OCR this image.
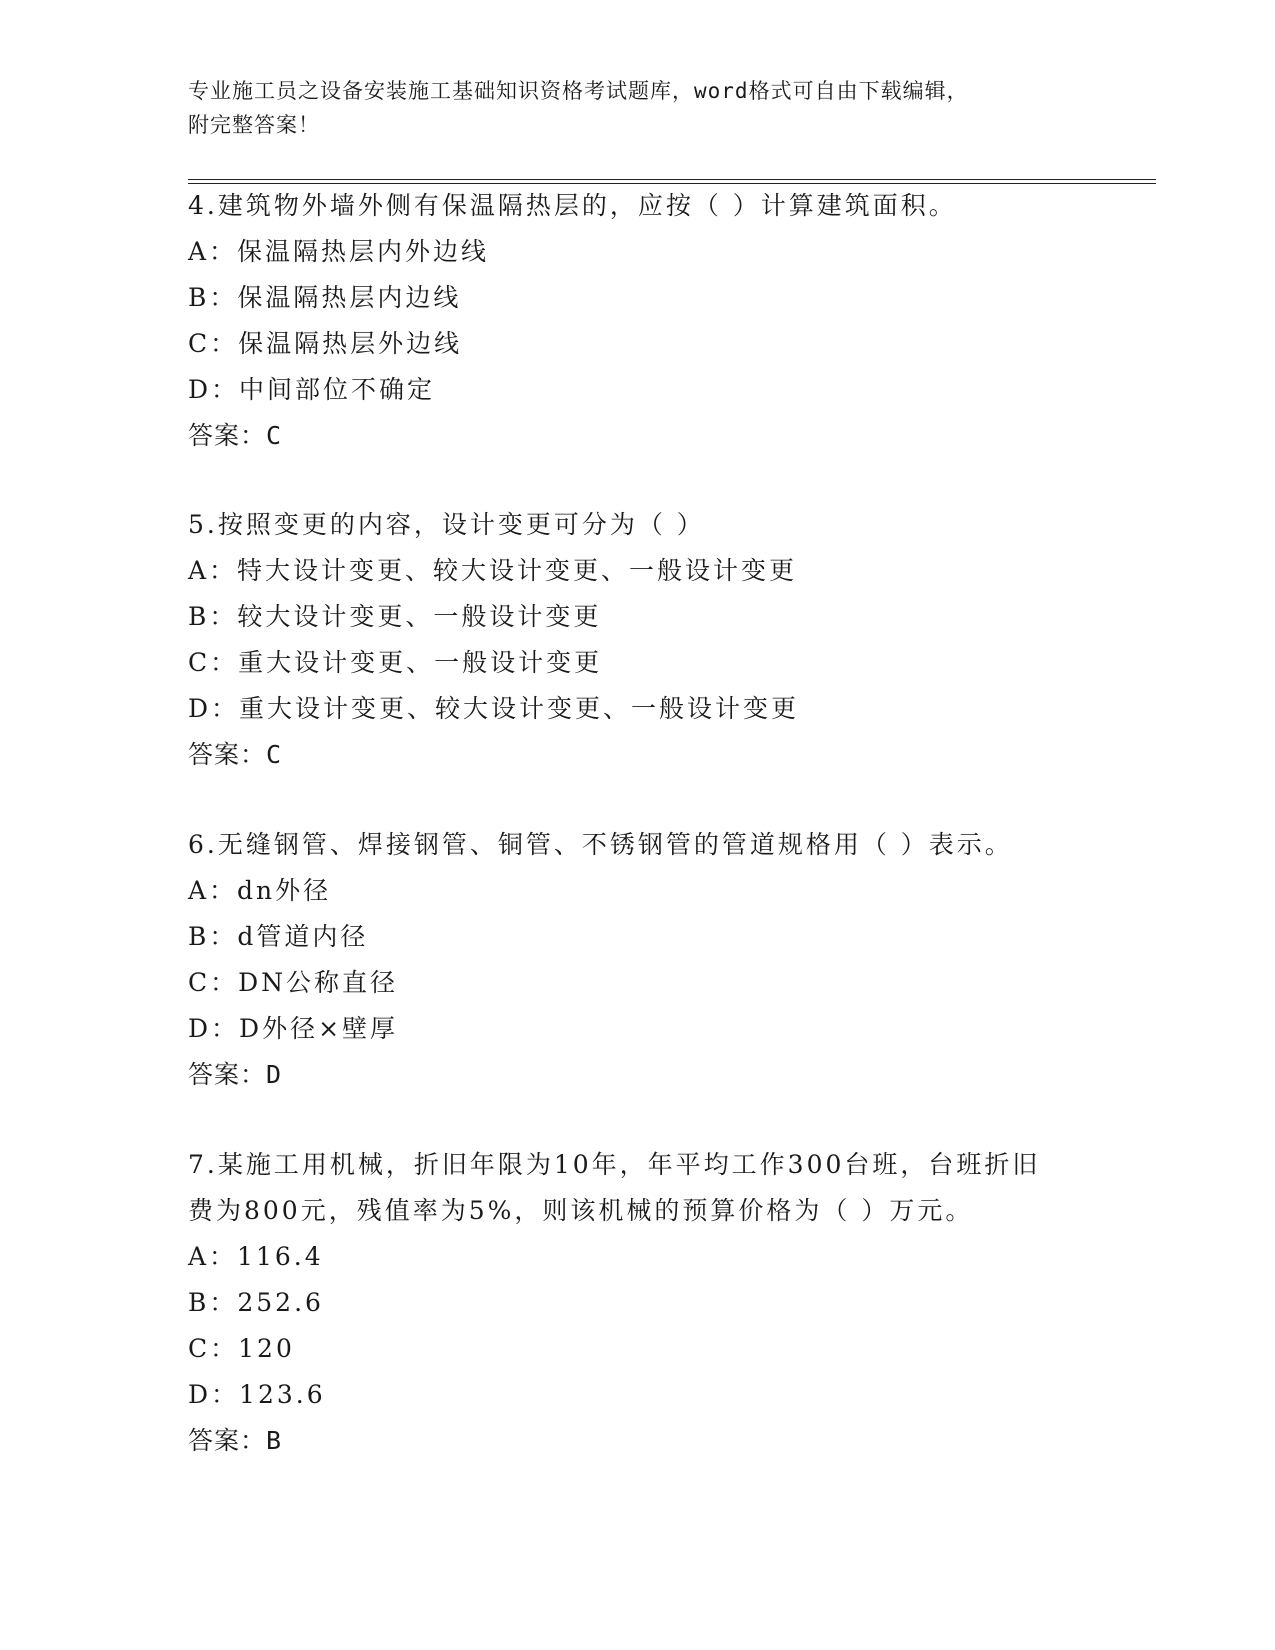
专业施工员之设备安装施工基础知识资格考试题库，word格式可自由下载编辑，
附完整答案！
4.建筑物外墙外侧有保温隔热层的，应按（ ）计算建筑面积。
A：保温隔热层内外边线
B：保温隔热层内边线
C：保温隔热层外边线
D：中间部位不确定
答案：C
5.按照变更的内容，设计变更可分为（ ）
A：特大设计变更、较大设计变更、一般设计变更
B：较大设计变更、一般设计变更
C：重大设计变更、一般设计变更
D：重大设计变更、较大设计变更、一般设计变更
答案：C
6.无缝钢管、焊接钢管、铜管、不锈钢管的管道规格用（ ）表示。
A：dn外径
B：d管道内径
C：DN公称直径
D：D外径×壁厚
答案：D
7.某施工用机械，折旧年限为10年，年平均工作300台班，台班折旧
费为800元，残值率为5%，则该机械的预算价格为（ ）万元。
A：116.4
B：252.6
C：120
D：123.6
答案：B
